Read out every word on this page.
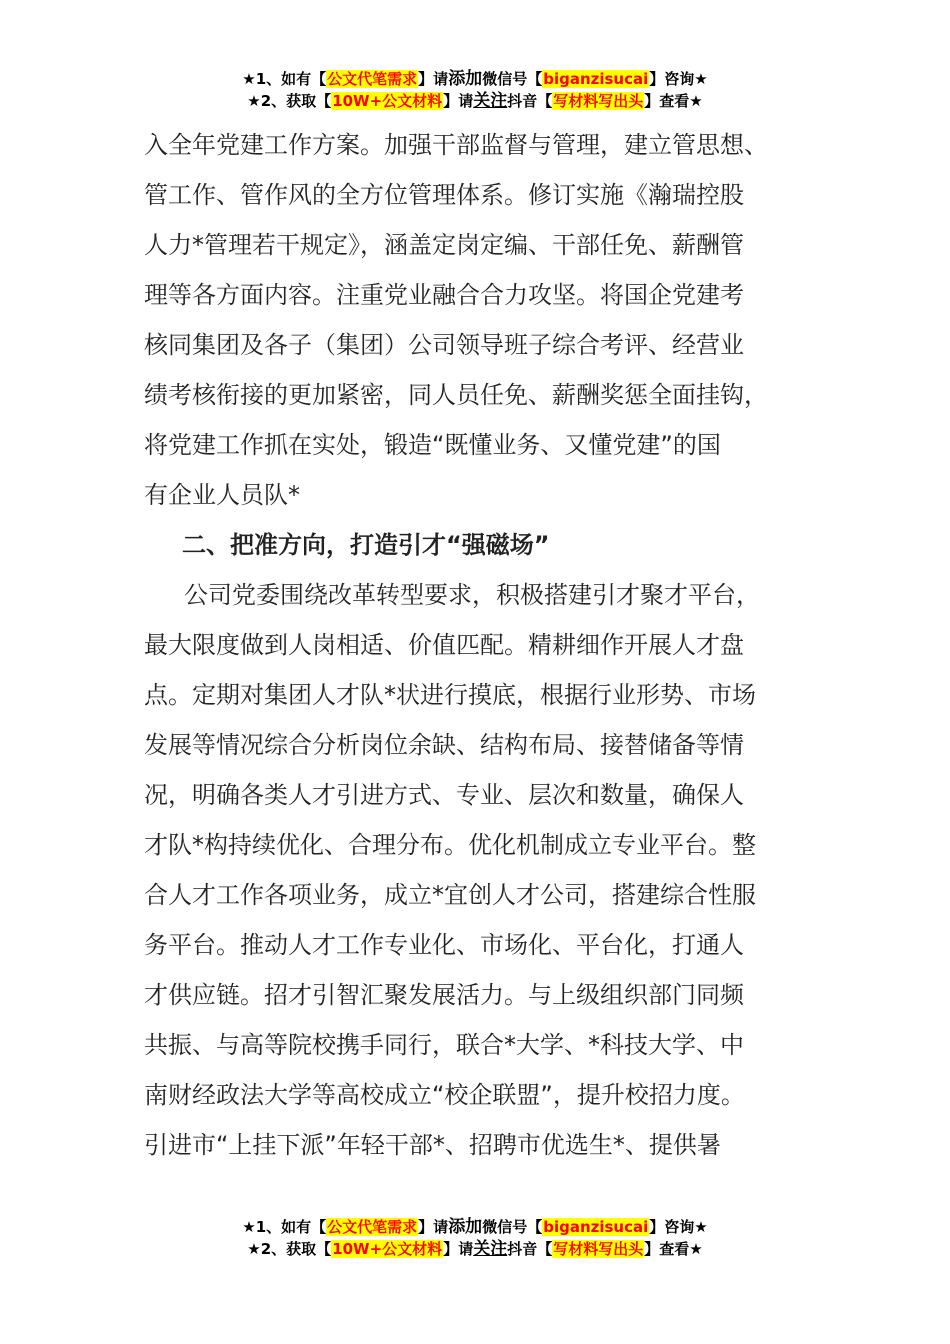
★1、如有【公文代笔需求】请添加微信号【biganzisucai】咨询★
★2、获取【10W+公文材料】请关注抖音【写材料写出头】查看★
入全年党建工作方案。加强干部监督与管理，建立管思想、
管工作、管作风的全方位管理体系。修订实施《瀚瑞控股
人力*管理若干规定》，涵盖定岗定编、干部任免、薪酬管
理等各方面内容。注重党业融合合力攻坚。将国企党建考
核同集团及各子（集团）公司领导班子综合考评、经营业
绩考核衔接的更加紧密，同人员任免、薪酬奖惩全面挂钩，
将党建工作抓在实处，锻造“既懂业务、又懂党建”的国
有企业人员队*
二、把准方向，打造引才“强磁场”
公司党委围绕改革转型要求，积极搭建引才聚才平台，
最大限度做到人岗相适、价值匹配。精耕细作开展人才盘
点。定期对集团人才队*状进行摸底，根据行业形势、市场
发展等情况综合分析岗位余缺、结构布局、接替储备等情
况，明确各类人才引进方式、专业、层次和数量，确保人
才队*构持续优化、合理分布。优化机制成立专业平台。整
合人才工作各项业务，成立*宜创人才公司，搭建综合性服
务平台。推动人才工作专业化、市场化、平台化，打通人
才供应链。招才引智汇聚发展活力。与上级组织部门同频
共振、与高等院校携手同行，联合*大学、*科技大学、中
南财经政法大学等高校成立“校企联盟”，提升校招力度。
引进市“上挂下派”年轻干部*、招聘市优选生*、提供暑
★1、如有【公文代笔需求】请添加微信号【biganzisucai】咨询★
★2、获取【10W+公文材料】请关注抖音【写材料写出头】查看★
